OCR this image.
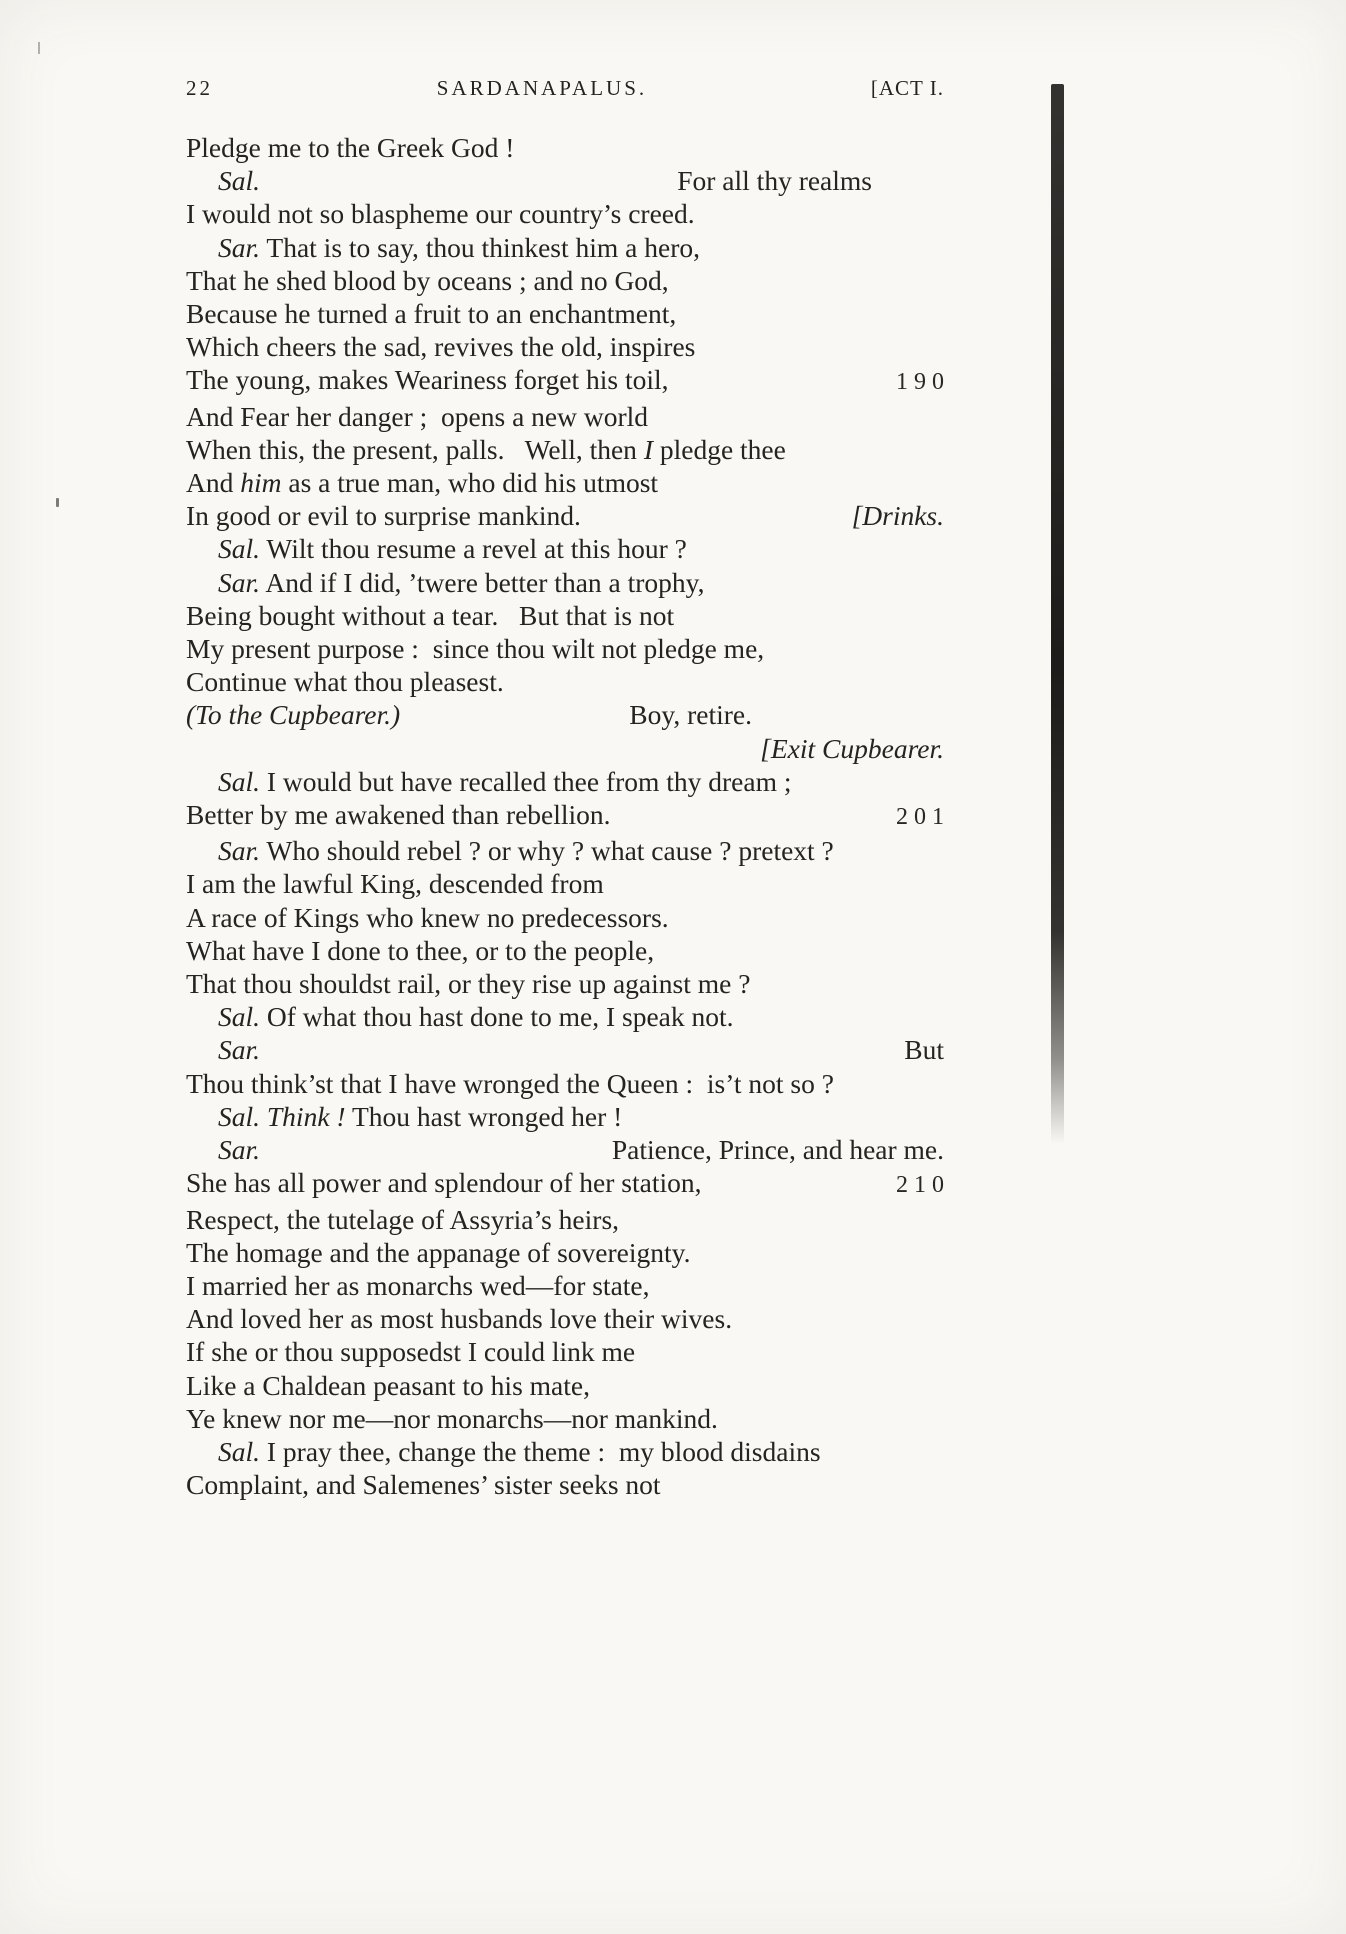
22	SARDANAPALUS.	[ACT I.
Pledge me to the Greek God !
Sal.	For all thy realms
I would not so blaspheme our country’s creed.
Sar. That is to say, thou thinkest him a hero,
That he shed blood by oceans ; and no God,
Because he turned a fruit to an enchantment,
Which cheers the sad, revives the old, inspires
The young, makes Weariness forget his toil,	190
And Fear her danger ;  opens a new world
When this, the present, palls.   Well, then I pledge thee
And him as a true man, who did his utmost
In good or evil to surprise mankind.	[Drinks.
Sal. Wilt thou resume a revel at this hour ?
Sar. And if I did, ’twere better than a trophy,
Being bought without a tear.   But that is not
My present purpose :  since thou wilt not pledge me,
Continue what thou pleasest.
(To the Cupbearer.)	Boy, retire.
[Exit Cupbearer.
Sal. I would but have recalled thee from thy dream ;
Better by me awakened than rebellion.	201
Sar. Who should rebel ? or why ? what cause ? pretext ?
I am the lawful King, descended from
A race of Kings who knew no predecessors.
What have I done to thee, or to the people,
That thou shouldst rail, or they rise up against me ?
Sal. Of what thou hast done to me, I speak not.
Sar.	But
Thou think’st that I have wronged the Queen :  is’t not so ?
Sal. Think ! Thou hast wronged her !
Sar.	Patience, Prince, and hear me.
She has all power and splendour of her station,	210
Respect, the tutelage of Assyria’s heirs,
The homage and the appanage of sovereignty.
I married her as monarchs wed—for state,
And loved her as most husbands love their wives.
If she or thou supposedst I could link me
Like a Chaldean peasant to his mate,
Ye knew nor me—nor monarchs—nor mankind.
Sal. I pray thee, change the theme :  my blood disdains
Complaint, and Salemenes’ sister seeks not
